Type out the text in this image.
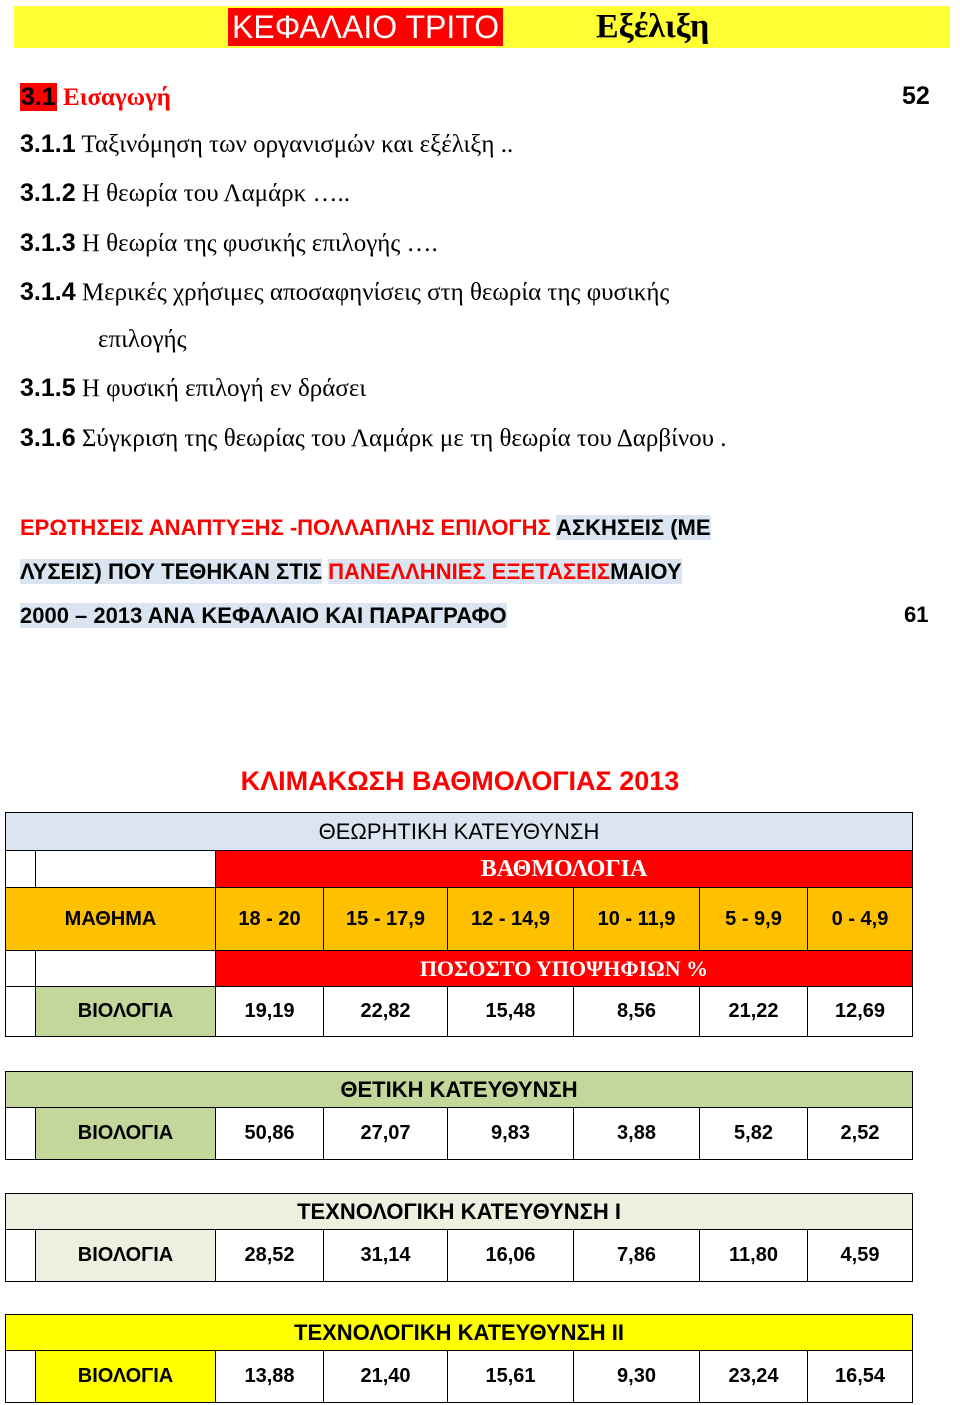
ΚΕΦΑΛΑΙΟ ΤΡΙΤΟ	Εξέλιξη
3.1 Εισαγωγή	52
3.1.1 Ταξινόμηση των οργανισμών και εξέλιξη ..
3.1.2 Η θεωρία του Λαμάρκ …..
3.1.3 Η θεωρία της φυσικής επιλογής ….
3.1.4 Μερικές χρήσιμες αποσαφηνίσεις στη θεωρία της φυσικής
επιλογής
3.1.5 Η φυσική επιλογή εν δράσει
3.1.6 Σύγκριση της θεωρίας του Λαμάρκ με τη θεωρία του Δαρβίνου .
ΕΡΩΤΗΣΕΙΣ ΑΝΑΠΤΥΞΗΣ -ΠΟΛΛΑΠΛΗΣ ΕΠΙΛΟΓΗΣ ΑΣΚΗΣΕΙΣ (ΜΕ
ΛΥΣΕΙΣ) ΠΟΥ ΤΕΘΗΚΑΝ ΣΤΙΣ ΠΑΝΕΛΛΗΝΙΕΣ ΕΞΕΤΑΣΕΙΣΜΑΙΟΥ
2000 – 2013 ΑΝΑ ΚΕΦΑΛΑΙΟ ΚΑΙ ΠΑΡΑΓΡΑΦΟ	61
ΚΛΙΜΑΚΩΣΗ ΒΑΘΜΟΛΟΓΙΑΣ 2013
ΘΕΩΡΗΤΙΚΗ ΚΑΤΕΥΘΥΝΣΗ							
		ΒΑΘΜΟΛΟΓΙΑ					
ΜΑΘΗΜΑ		18 - 20	15 - 17,9	12 - 14,9	10 - 11,9	5 - 9,9	0 - 4,9
		ΠΟΣΟΣΤΟ ΥΠΟΨΗΦΙΩΝ %					
	ΒΙΟΛΟΓΙΑ	19,19	22,82	15,48	8,56	21,22	12,69
ΘΕΤΙΚΗ ΚΑΤΕΥΘΥΝΣΗ
	ΒΙΟΛΟΓΙΑ	50,86	27,07	9,83	3,88	5,82	2,52
ΤΕΧΝΟΛΟΓΙΚΗ ΚΑΤΕΥΘΥΝΣΗ Ι
	ΒΙΟΛΟΓΙΑ	28,52	31,14	16,06	7,86	11,80	4,59
ΤΕΧΝΟΛΟΓΙΚΗ ΚΑΤΕΥΘΥΝΣΗ ΙΙ
	ΒΙΟΛΟΓΙΑ	13,88	21,40	15,61	9,30	23,24	16,54
